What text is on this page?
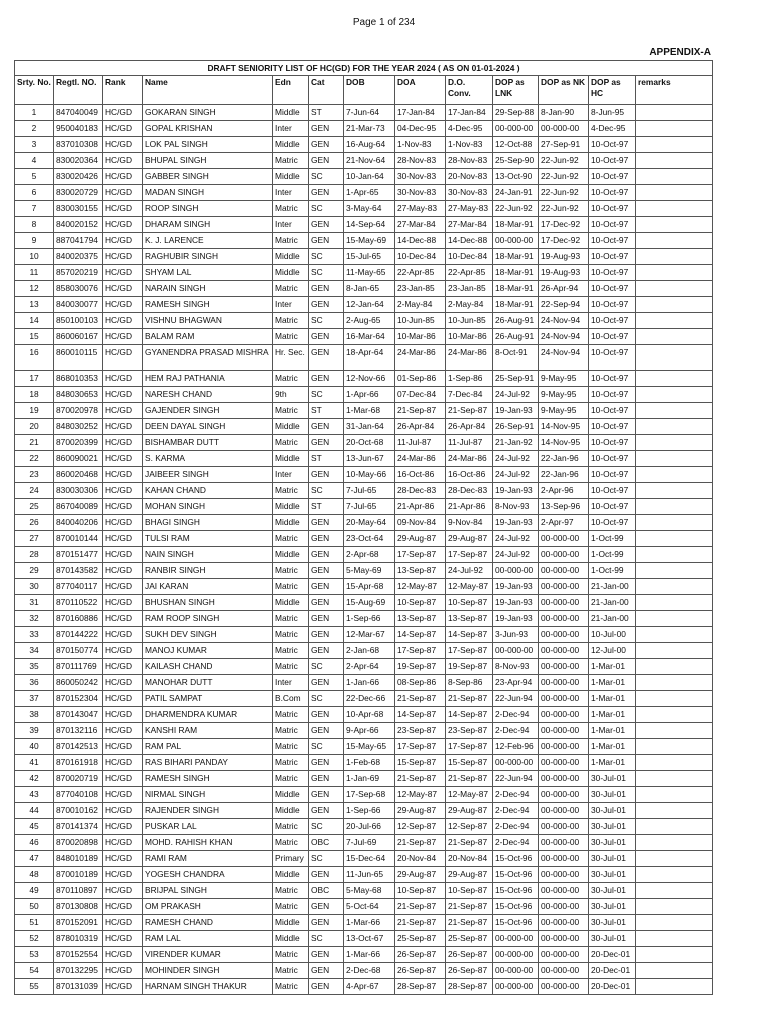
Page 1 of 234
APPENDIX-A
DRAFT SENIORITY LIST OF HC(GD) FOR THE YEAR 2024 ( AS ON 01-01-2024 )												
Srty. No.	Regtl. NO.	Rank	Name	Edn	Cat	DOB	DOA	D.O. Conv.	DOP as LNK	DOP as NK	DOP as HC	remarks
1	847040049	HC/GD	GOKARAN SINGH	Middle	ST	7-Jun-64	17-Jan-84	17-Jan-84	29-Sep-88	8-Jan-90	8-Jun-95	
2	950040183	HC/GD	GOPAL KRISHAN	Inter	GEN	21-Mar-73	04-Dec-95	4-Dec-95	00-000-00	00-000-00	4-Dec-95	
3	837010308	HC/GD	LOK PAL SINGH	Middle	GEN	16-Aug-64	1-Nov-83	1-Nov-83	12-Oct-88	27-Sep-91	10-Oct-97	
4	830020364	HC/GD	BHUPAL SINGH	Matric	GEN	21-Nov-64	28-Nov-83	28-Nov-83	25-Sep-90	22-Jun-92	10-Oct-97	
5	830020426	HC/GD	GABBER SINGH	Middle	SC	10-Jan-64	30-Nov-83	20-Nov-83	13-Oct-90	22-Jun-92	10-Oct-97	
6	830020729	HC/GD	MADAN SINGH	Inter	GEN	1-Apr-65	30-Nov-83	30-Nov-83	24-Jan-91	22-Jun-92	10-Oct-97	
7	830030155	HC/GD	ROOP SINGH	Matric	SC	3-May-64	27-May-83	27-May-83	22-Jun-92	22-Jun-92	10-Oct-97	
8	840020152	HC/GD	DHARAM SINGH	Inter	GEN	14-Sep-64	27-Mar-84	27-Mar-84	18-Mar-91	17-Dec-92	10-Oct-97	
9	887041794	HC/GD	K. J. LARENCE	Matric	GEN	15-May-69	14-Dec-88	14-Dec-88	00-000-00	17-Dec-92	10-Oct-97	
10	840020375	HC/GD	RAGHUBIR SINGH	Middle	SC	15-Jul-65	10-Dec-84	10-Dec-84	18-Mar-91	19-Aug-93	10-Oct-97	
11	857020219	HC/GD	SHYAM LAL	Middle	SC	11-May-65	22-Apr-85	22-Apr-85	18-Mar-91	19-Aug-93	10-Oct-97	
12	858030076	HC/GD	NARAIN SINGH	Matric	GEN	8-Jan-65	23-Jan-85	23-Jan-85	18-Mar-91	26-Apr-94	10-Oct-97	
13	840030077	HC/GD	RAMESH SINGH	Inter	GEN	12-Jan-64	2-May-84	2-May-84	18-Mar-91	22-Sep-94	10-Oct-97	
14	850100103	HC/GD	VISHNU BHAGWAN	Matric	SC	2-Aug-65	10-Jun-85	10-Jun-85	26-Aug-91	24-Nov-94	10-Oct-97	
15	860060167	HC/GD	BALAM RAM	Matric	GEN	16-Mar-64	10-Mar-86	10-Mar-86	26-Aug-91	24-Nov-94	10-Oct-97	
16	860010115	HC/GD	GYANENDRA PRASAD MISHRA	Hr. Sec.	GEN	18-Apr-64	24-Mar-86	24-Mar-86	8-Oct-91	24-Nov-94	10-Oct-97	
17	868010353	HC/GD	HEM RAJ PATHANIA	Matric	GEN	12-Nov-66	01-Sep-86	1-Sep-86	25-Sep-91	9-May-95	10-Oct-97	
18	848030653	HC/GD	NARESH CHAND	9th	SC	1-Apr-66	07-Dec-84	7-Dec-84	24-Jul-92	9-May-95	10-Oct-97	
19	870020978	HC/GD	GAJENDER SINGH	Matric	ST	1-Mar-68	21-Sep-87	21-Sep-87	19-Jan-93	9-May-95	10-Oct-97	
20	848030252	HC/GD	DEEN DAYAL SINGH	Middle	GEN	31-Jan-64	26-Apr-84	26-Apr-84	26-Sep-91	14-Nov-95	10-Oct-97	
21	870020399	HC/GD	BISHAMBAR DUTT	Matric	GEN	20-Oct-68	11-Jul-87	11-Jul-87	21-Jan-92	14-Nov-95	10-Oct-97	
22	860090021	HC/GD	S. KARMA	Middle	ST	13-Jun-67	24-Mar-86	24-Mar-86	24-Jul-92	22-Jan-96	10-Oct-97	
23	860020468	HC/GD	JAIBEER SINGH	Inter	GEN	10-May-66	16-Oct-86	16-Oct-86	24-Jul-92	22-Jan-96	10-Oct-97	
24	830030306	HC/GD	KAHAN CHAND	Matric	SC	7-Jul-65	28-Dec-83	28-Dec-83	19-Jan-93	2-Apr-96	10-Oct-97	
25	867040089	HC/GD	MOHAN SINGH	Middle	ST	7-Jul-65	21-Apr-86	21-Apr-86	8-Nov-93	13-Sep-96	10-Oct-97	
26	840040206	HC/GD	BHAGI SINGH	Middle	GEN	20-May-64	09-Nov-84	9-Nov-84	19-Jan-93	2-Apr-97	10-Oct-97	
27	870010144	HC/GD	TULSI RAM	Matric	GEN	23-Oct-64	29-Aug-87	29-Aug-87	24-Jul-92	00-000-00	1-Oct-99	
28	870151477	HC/GD	NAIN SINGH	Middle	GEN	2-Apr-68	17-Sep-87	17-Sep-87	24-Jul-92	00-000-00	1-Oct-99	
29	870143582	HC/GD	RANBIR SINGH	Matric	GEN	5-May-69	13-Sep-87	24-Jul-92	00-000-00	00-000-00	1-Oct-99	
30	877040117	HC/GD	JAI KARAN	Matric	GEN	15-Apr-68	12-May-87	12-May-87	19-Jan-93	00-000-00	21-Jan-00	
31	870110522	HC/GD	BHUSHAN SINGH	Middle	GEN	15-Aug-69	10-Sep-87	10-Sep-87	19-Jan-93	00-000-00	21-Jan-00	
32	870160886	HC/GD	RAM ROOP SINGH	Matric	GEN	1-Sep-66	13-Sep-87	13-Sep-87	19-Jan-93	00-000-00	21-Jan-00	
33	870144222	HC/GD	SUKH DEV SINGH	Matric	GEN	12-Mar-67	14-Sep-87	14-Sep-87	3-Jun-93	00-000-00	10-Jul-00	
34	870150774	HC/GD	MANOJ KUMAR	Matric	GEN	2-Jan-68	17-Sep-87	17-Sep-87	00-000-00	00-000-00	12-Jul-00	
35	870111769	HC/GD	KAILASH CHAND	Matric	SC	2-Apr-64	19-Sep-87	19-Sep-87	8-Nov-93	00-000-00	1-Mar-01	
36	860050242	HC/GD	MANOHAR DUTT	Inter	GEN	1-Jan-66	08-Sep-86	8-Sep-86	23-Apr-94	00-000-00	1-Mar-01	
37	870152304	HC/GD	PATIL SAMPAT	B.Com	SC	22-Dec-66	21-Sep-87	21-Sep-87	22-Jun-94	00-000-00	1-Mar-01	
38	870143047	HC/GD	DHARMENDRA KUMAR	Matric	GEN	10-Apr-68	14-Sep-87	14-Sep-87	2-Dec-94	00-000-00	1-Mar-01	
39	870132116	HC/GD	KANSHI RAM	Matric	GEN	9-Apr-66	23-Sep-87	23-Sep-87	2-Dec-94	00-000-00	1-Mar-01	
40	870142513	HC/GD	RAM PAL	Matric	SC	15-May-65	17-Sep-87	17-Sep-87	12-Feb-96	00-000-00	1-Mar-01	
41	870161918	HC/GD	RAS BIHARI PANDAY	Matric	GEN	1-Feb-68	15-Sep-87	15-Sep-87	00-000-00	00-000-00	1-Mar-01	
42	870020719	HC/GD	RAMESH SINGH	Matric	GEN	1-Jan-69	21-Sep-87	21-Sep-87	22-Jun-94	00-000-00	30-Jul-01	
43	877040108	HC/GD	NIRMAL SINGH	Middle	GEN	17-Sep-68	12-May-87	12-May-87	2-Dec-94	00-000-00	30-Jul-01	
44	870010162	HC/GD	RAJENDER SINGH	Middle	GEN	1-Sep-66	29-Aug-87	29-Aug-87	2-Dec-94	00-000-00	30-Jul-01	
45	870141374	HC/GD	PUSKAR LAL	Matric	SC	20-Jul-66	12-Sep-87	12-Sep-87	2-Dec-94	00-000-00	30-Jul-01	
46	870020898	HC/GD	MOHD. RAHISH KHAN	Matric	OBC	7-Jul-69	21-Sep-87	21-Sep-87	2-Dec-94	00-000-00	30-Jul-01	
47	848010189	HC/GD	RAMI RAM	Primary	SC	15-Dec-64	20-Nov-84	20-Nov-84	15-Oct-96	00-000-00	30-Jul-01	
48	870010189	HC/GD	YOGESH CHANDRA	Middle	GEN	11-Jun-65	29-Aug-87	29-Aug-87	15-Oct-96	00-000-00	30-Jul-01	
49	870110897	HC/GD	BRIJPAL SINGH	Matric	OBC	5-May-68	10-Sep-87	10-Sep-87	15-Oct-96	00-000-00	30-Jul-01	
50	870130808	HC/GD	OM PRAKASH	Matric	GEN	5-Oct-64	21-Sep-87	21-Sep-87	15-Oct-96	00-000-00	30-Jul-01	
51	870152091	HC/GD	RAMESH CHAND	Middle	GEN	1-Mar-66	21-Sep-87	21-Sep-87	15-Oct-96	00-000-00	30-Jul-01	
52	878010319	HC/GD	RAM LAL	Middle	SC	13-Oct-67	25-Sep-87	25-Sep-87	00-000-00	00-000-00	30-Jul-01	
53	870152554	HC/GD	VIRENDER KUMAR	Matric	GEN	1-Mar-66	26-Sep-87	26-Sep-87	00-000-00	00-000-00	20-Dec-01	
54	870132295	HC/GD	MOHINDER SINGH	Matric	GEN	2-Dec-68	26-Sep-87	26-Sep-87	00-000-00	00-000-00	20-Dec-01	
55	870131039	HC/GD	HARNAM SINGH THAKUR	Matric	GEN	4-Apr-67	28-Sep-87	28-Sep-87	00-000-00	00-000-00	20-Dec-01	
